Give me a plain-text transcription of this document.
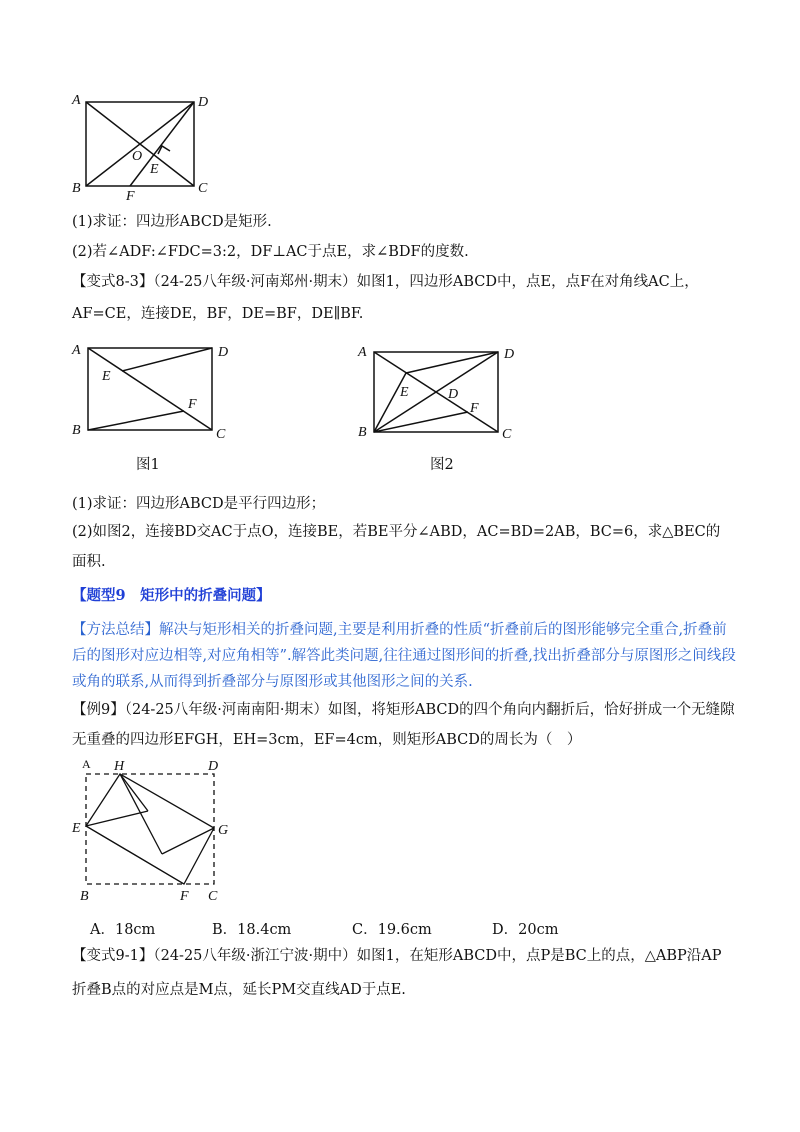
A	D
O
E
B
F
C
(1)求证：四边形ABCD是矩形.
(2)若∠ADF:∠FDC=3:2，DF⊥AC于点E，求∠BDF的度数.
【变式8-3】（24-25八年级·河南郑州·期末）如图1，四边形ABCD中，点E，点F在对角线AC上，
AF=CE，连接DE，BF，DE=BF，DE∥BF.
A	D
E
F
B	C
图1
A	D
E	D
F
B	C
图2
(1)求证：四边形ABCD是平行四边形；
(2)如图2，连接BD交AC于点O，连接BE，若BE平分∠ABD，AC=BD=2AB，BC=6，求△BEC的
面积.
【题型9　矩形中的折叠问题】
【方法总结】解决与矩形相关的折叠问题,主要是利用折叠的性质“折叠前后的图形能够完全重合,折叠前
后的图形对应边相等,对应角相等”.解答此类问题,往往通过图形间的折叠,找出折叠部分与原图形之间线段
或角的联系,从而得到折叠部分与原图形或其他图形之间的关系.
【例9】（24-25八年级·河南南阳·期末）如图，将矩形ABCD的四个角向内翻折后，恰好拼成一个无缝隙
无重叠的四边形EFGH，EH=3cm，EF=4cm，则矩形ABCD的周长为（　）
A H	D
E	G
B	F C
A．18cm	B．18.4cm	C．19.6cm	D．20cm
【变式9-1】（24-25八年级·浙江宁波·期中）如图1，在矩形ABCD中，点P是BC上的点，△ABP沿AP
折叠B点的对应点是M点，延长PM交直线AD于点E.
